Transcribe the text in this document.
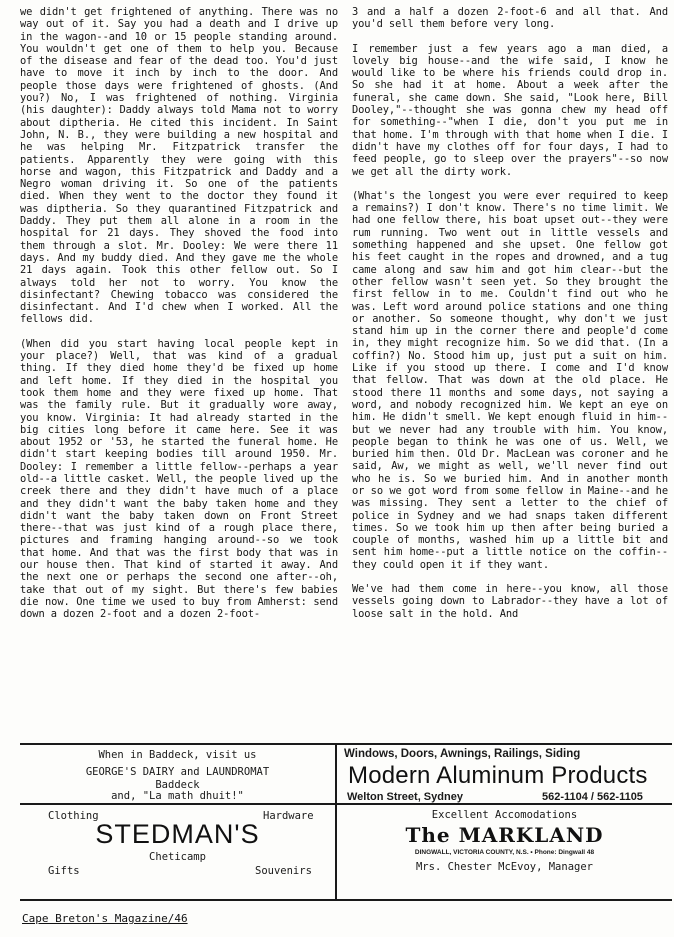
we didn't get frightened of anything. There was no way out of it. Say you had a death and I drive up in the wagon--and 10 or 15 people standing around. You wouldn't get one of them to help you. Because of the disease and fear of the dead too. You'd just have to move it inch by inch to the door. And people those days were frightened of ghosts. (And you?) No, I was frightened of nothing. Virginia (his daughter): Daddy always told Mama not to worry about diptheria. He cited this incident. In Saint John, N. B., they were building a new hospital and he was helping Mr. Fitzpatrick transfer the patients. Apparently they were going with this horse and wagon, this Fitzpatrick and Daddy and a Negro woman driving it. So one of the patients died. When they went to the doctor they found it was diptheria. So they quarantined Fitzpatrick and Daddy. They put them all alone in a room in the hospital for 21 days. They shoved the food into them through a slot. Mr. Dooley: We were there 11 days. And my buddy died. And they gave me the whole 21 days again. Took this other fellow out. So I always told her not to worry. You know the disinfectant? Chewing tobacco was considered the disinfectant. And I'd chew when I worked. All the fellows did.

(When did you start having local people kept in your place?) Well, that was kind of a gradual thing. If they died home they'd be fixed up home and left home. If they died in the hospital you took them home and they were fixed up home. That was the family rule. But it gradually wore away, you know. Virginia: It had already started in the big cities long before it came here. See it was about 1952 or '53, he started the funeral home. He didn't start keeping bodies till around 1950. Mr. Dooley: I remember a little fellow--perhaps a year old--a little casket. Well, the people lived up the creek there and they didn't have much of a place and they didn't want the baby taken home and they didn't want the baby taken down on Front Street there--that was just kind of a rough place there, pictures and framing hanging around--so we took that home. And that was the first body that was in our house then. That kind of started it away. And the next one or perhaps the second one after--oh, take that out of my sight. But there's few babies die now. One time we used to buy from Amherst: send down a dozen 2-foot and a dozen 2-foot-

3 and a half a dozen 2-foot-6 and all that. And you'd sell them before very long.

I remember just a few years ago a man died, a lovely big house--and the wife said, I know he would like to be where his friends could drop in. So she had it at home. About a week after the funeral, she came down. She said, "Look here, Bill Dooley,"--thought she was gonna chew my head off for something--"when I die, don't you put me in that home. I'm through with that home when I die. I didn't have my clothes off for four days, I had to feed people, go to sleep over the prayers"--so now we get all the dirty work.

(What's the longest you were ever required to keep a remains?) I don't know. There's no time limit. We had one fellow there, his boat upset out--they were rum running. Two went out in little vessels and something happened and she upset. One fellow got his feet caught in the ropes and drowned, and a tug came along and saw him and got him clear--but the other fellow wasn't seen yet. So they brought the first fellow in to me. Couldn't find out who he was. Left word around police stations and one thing or another. So someone thought, why don't we just stand him up in the corner there and people'd come in, they might recognize him. So we did that. (In a coffin?) No. Stood him up, just put a suit on him. Like if you stood up there. I come and I'd know that fellow. That was down at the old place. He stood there 11 months and some days, not saying a word, and nobody recognized him. We kept an eye on him. He didn't smell. We kept enough fluid in him--but we never had any trouble with him. You know, people began to think he was one of us. Well, we buried him then. Old Dr. MacLean was coroner and he said, Aw, we might as well, we'll never find out who he is. So we buried him. And in another month or so we got word from some fellow in Maine--and he was missing. They sent a letter to the chief of police in Sydney and we had snaps taken different times. So we took him up then after being buried a couple of months, washed him up a little bit and sent him home--put a little notice on the coffin--they could open it if they want.

We've had them come in here--you know, all those vessels going down to Labrador--they have a lot of loose salt in the hold. And

When in Baddeck, visit us
GEORGE'S DAIRY and LAUNDROMAT
Baddeck
and, "La math dhuit!"
Windows, Doors, Awnings, Railings, Siding
Modern Aluminum Products
Welton Street, Sydney	562-1104 / 562-1105
Clothing	Hardware
STEDMAN'S
Cheticamp
Gifts	Souvenirs
Excellent Accomodations
The MARKLAND
DINGWALL, VICTORIA COUNTY, N.S. • Phone: Dingwall 48
Mrs. Chester McEvoy, Manager
Cape Breton's Magazine/46
